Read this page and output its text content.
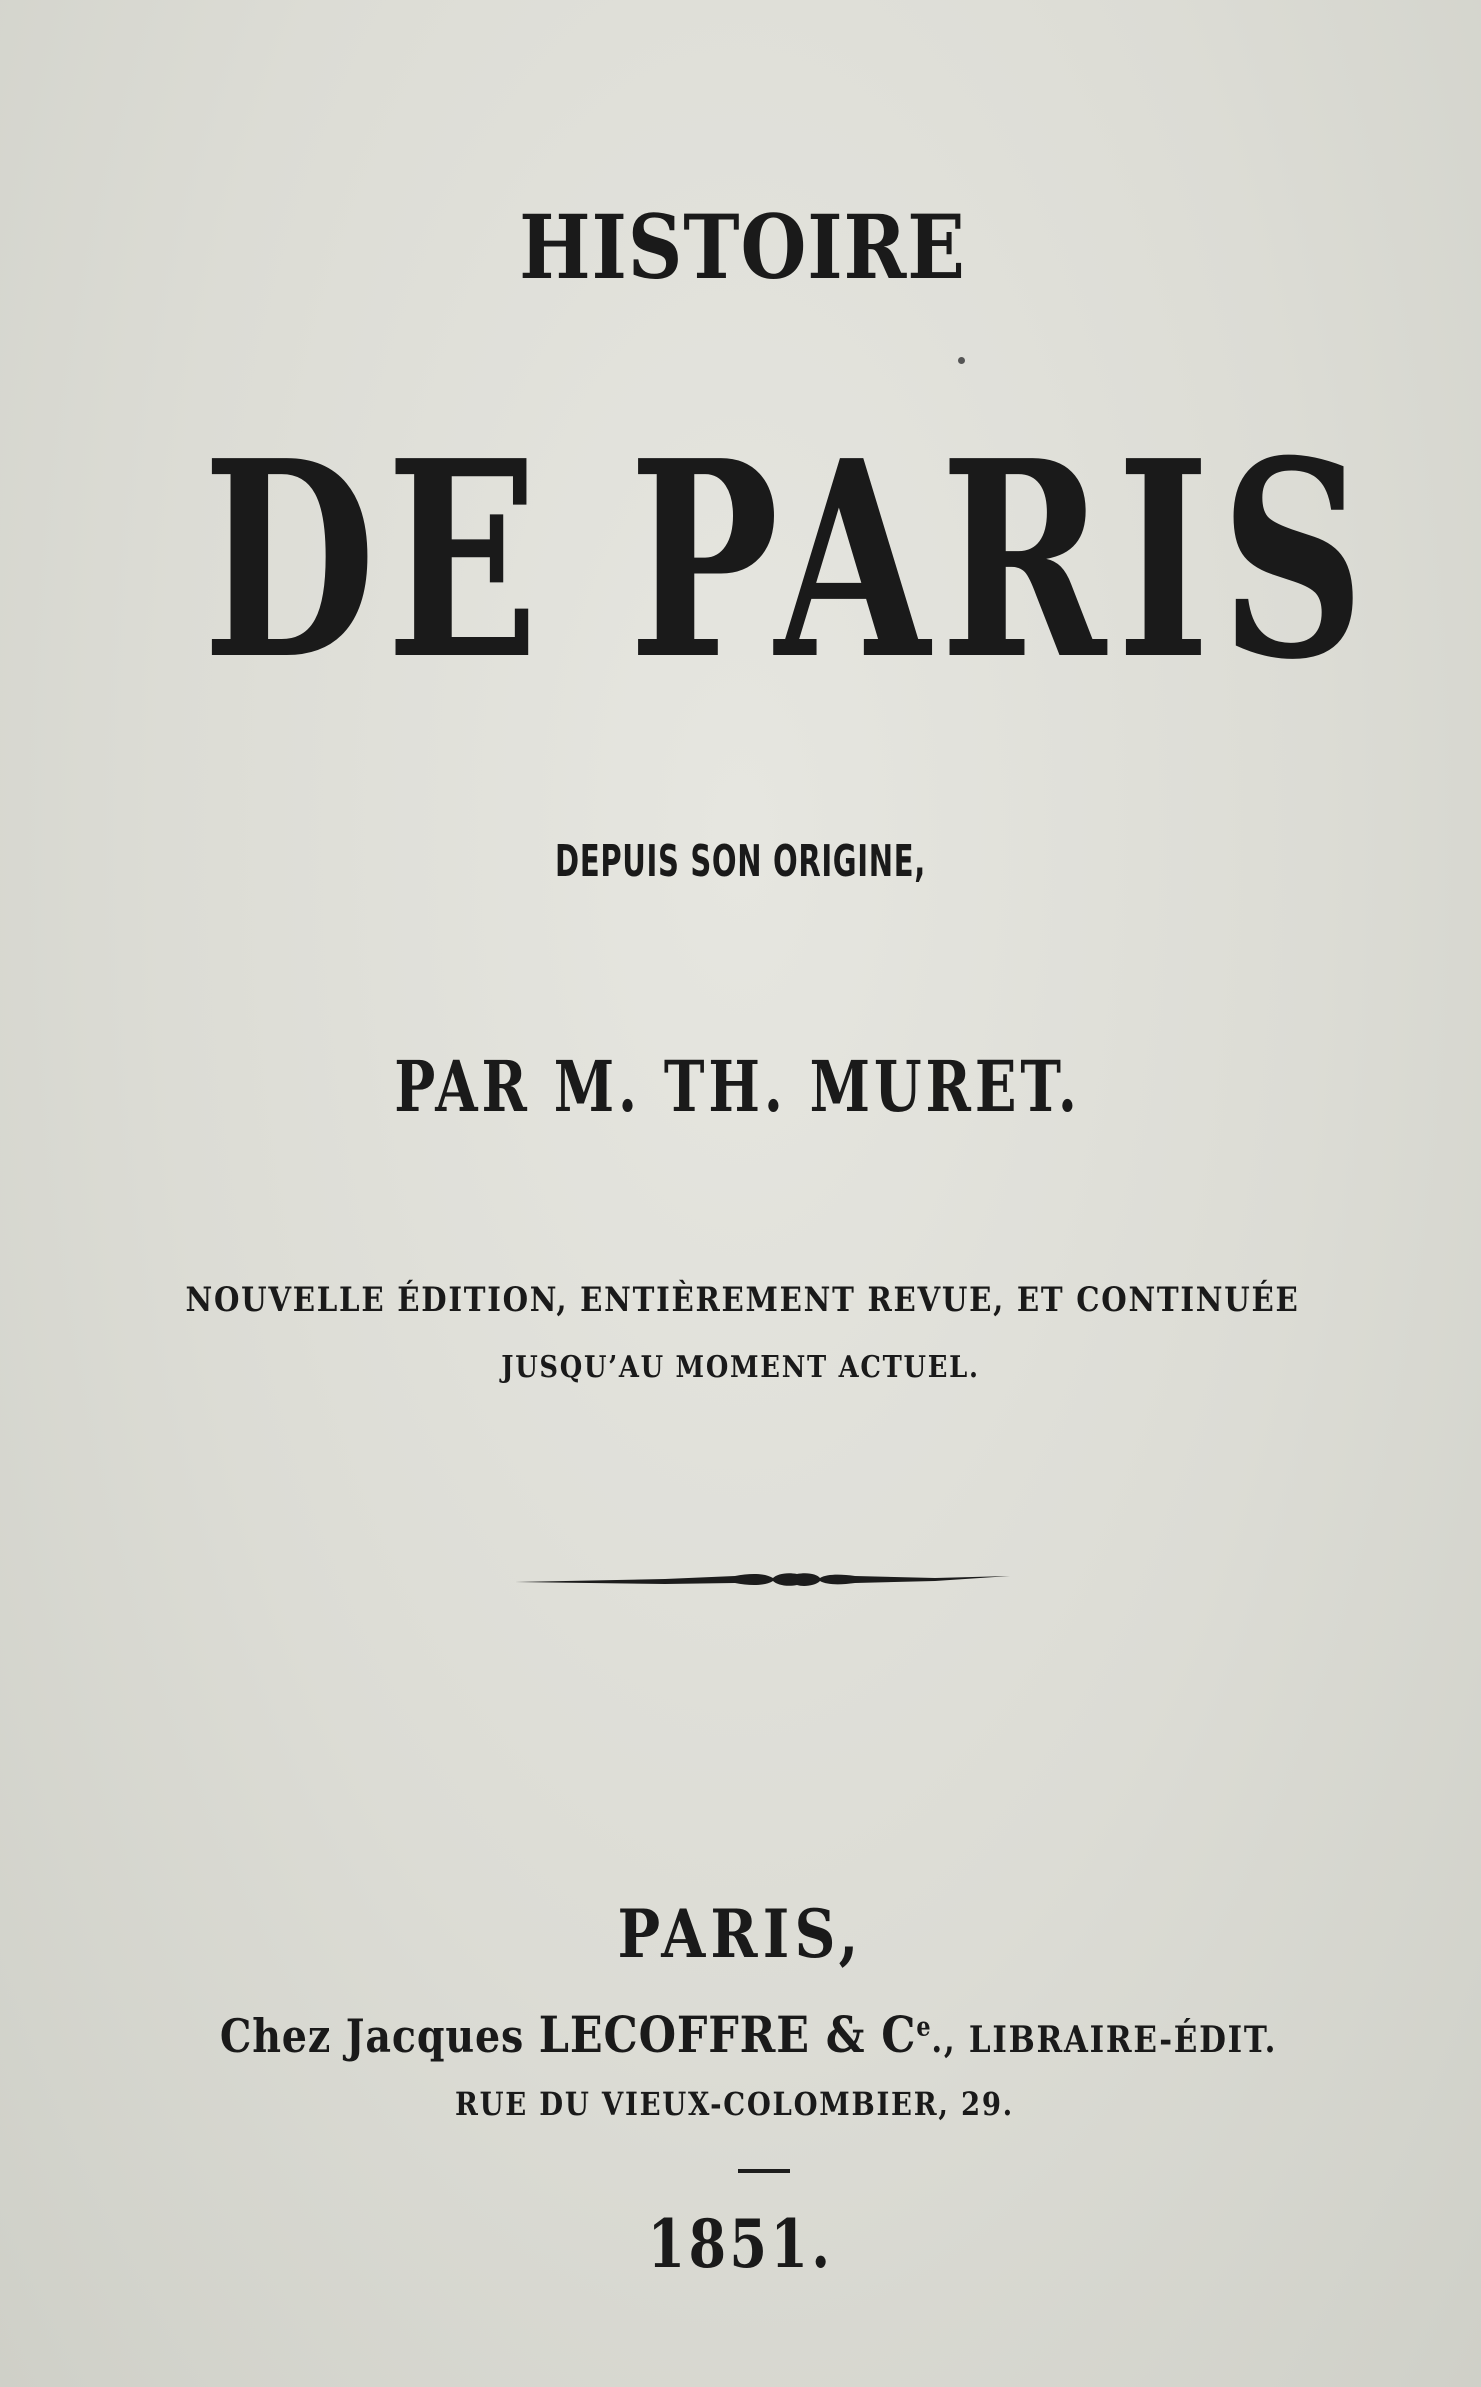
HISTOIRE
DE PARIS
DEPUIS SON ORIGINE,
PAR M. TH. MURET.
NOUVELLE ÉDITION, ENTIÈREMENT REVUE, ET CONTINUÉE
JUSQU’AU MOMENT ACTUEL.
PARIS,
Chez Jacques LECOFFRE & Ce., LIBRAIRE-ÉDIT.
RUE DU VIEUX-COLOMBIER, 29.
1851.
